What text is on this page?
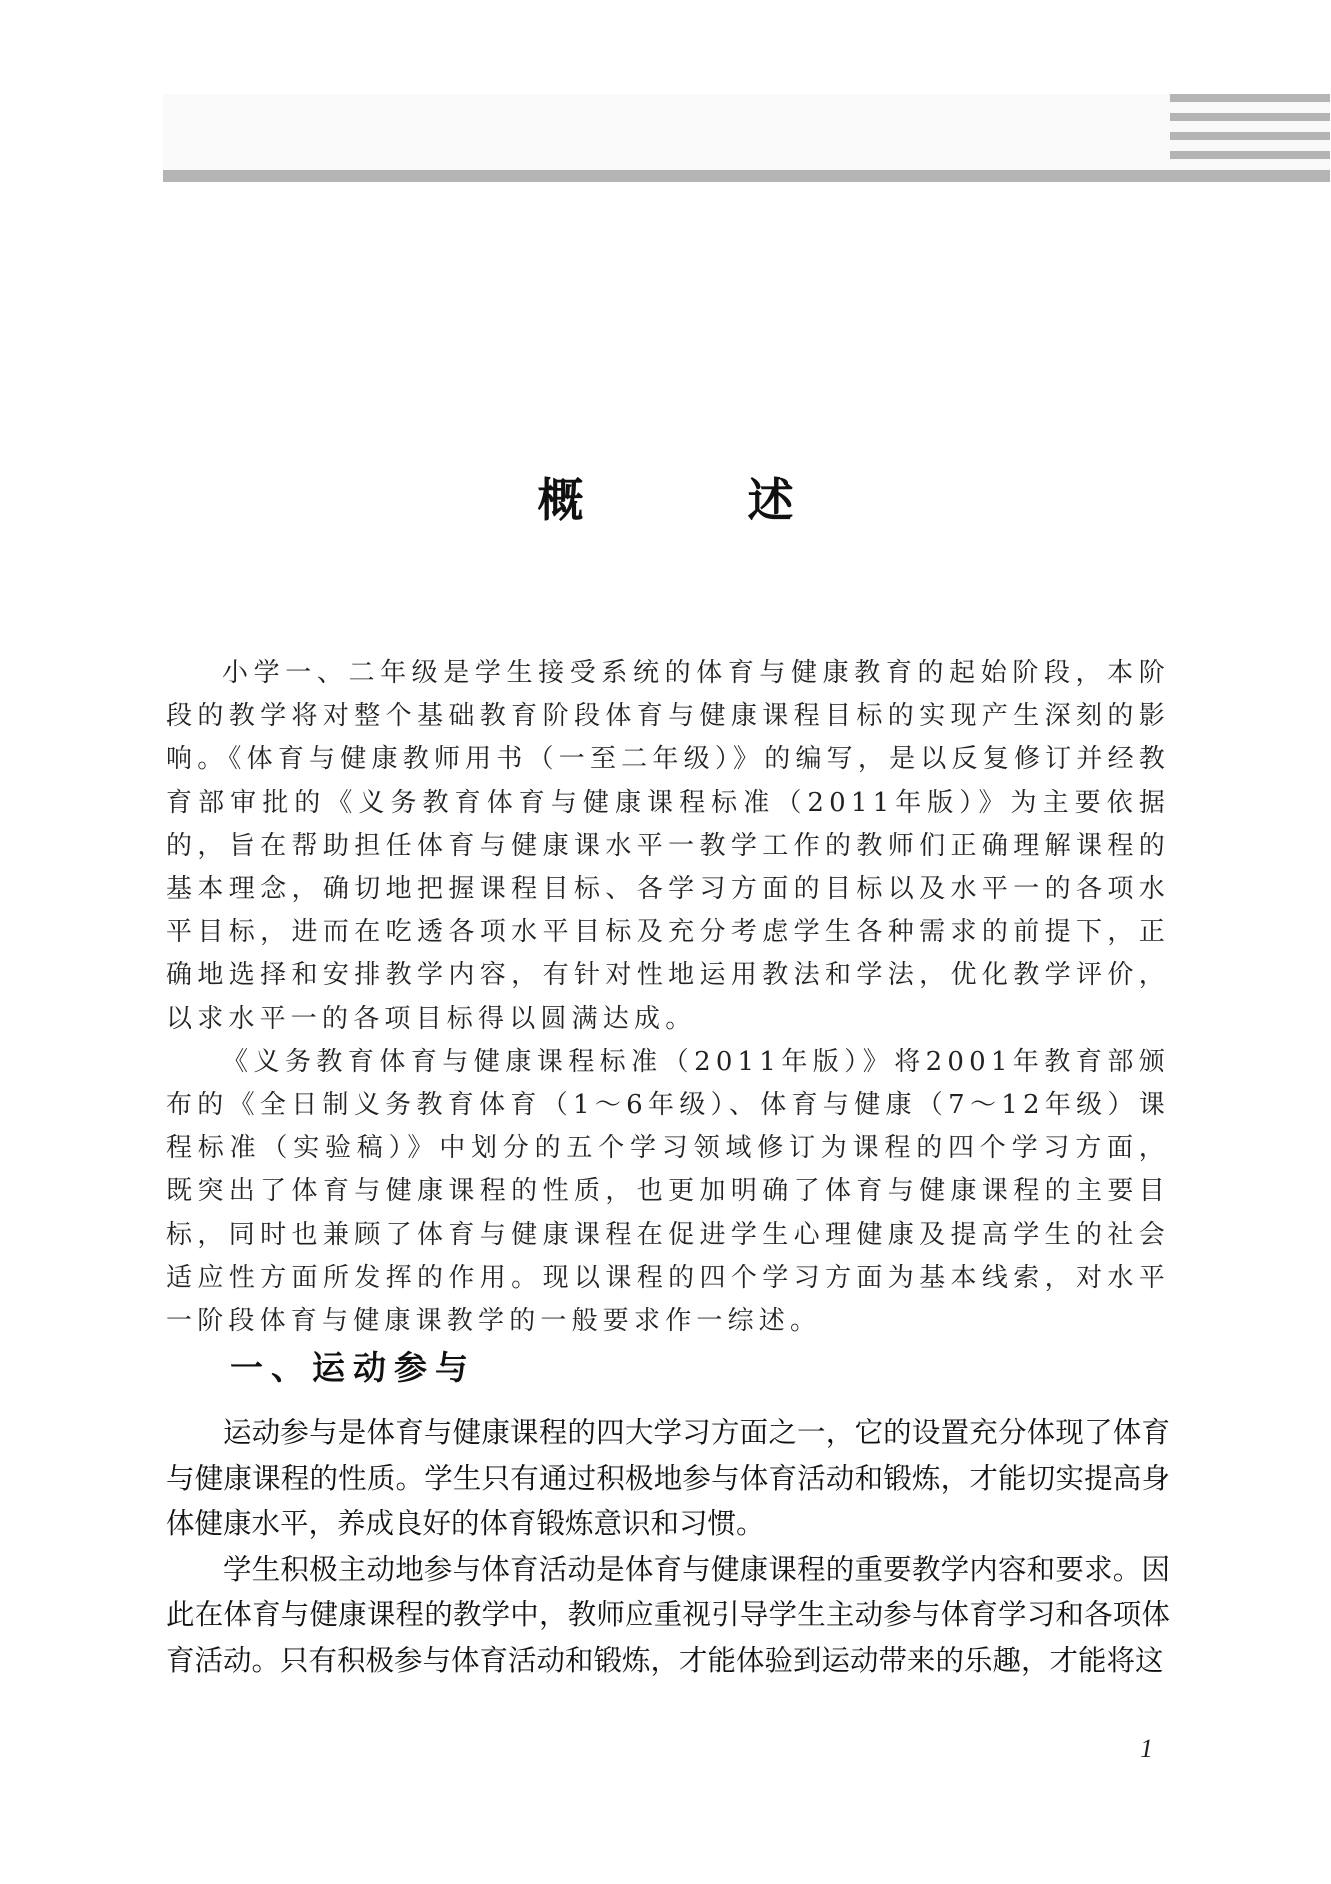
概	述

小学一、二年级是学生接受系统的体育与健康教育的起始阶段，本阶段的教学将对整个基础教育阶段体育与健康课程目标的实现产生深刻的影响。《体育与健康教师用书（一至二年级）》的编写，是以反复修订并经教育部审批的《义务教育体育与健康课程标准（2011年版）》为主要依据的，旨在帮助担任体育与健康课水平一教学工作的教师们正确理解课程的基本理念，确切地把握课程目标、各学习方面的目标以及水平一的各项水平目标，进而在吃透各项水平目标及充分考虑学生各种需求的前提下，正确地选择和安排教学内容，有针对性地运用教法和学法，优化教学评价，以求水平一的各项目标得以圆满达成。

《义务教育体育与健康课程标准（2011年版）》将2001年教育部颁布的《全日制义务教育体育（1～6年级）、体育与健康（7～12年级）课程标准（实验稿）》中划分的五个学习领域修订为课程的四个学习方面，既突出了体育与健康课程的性质，也更加明确了体育与健康课程的主要目标，同时也兼顾了体育与健康课程在促进学生心理健康及提高学生的社会适应性方面所发挥的作用。现以课程的四个学习方面为基本线索，对水平一阶段体育与健康课教学的一般要求作一综述。

一、运动参与

运动参与是体育与健康课程的四大学习方面之一，它的设置充分体现了体育与健康课程的性质。学生只有通过积极地参与体育活动和锻炼，才能切实提高身体健康水平，养成良好的体育锻炼意识和习惯。

学生积极主动地参与体育活动是体育与健康课程的重要教学内容和要求。因此在体育与健康课程的教学中，教师应重视引导学生主动参与体育学习和各项体育活动。只有积极参与体育活动和锻炼，才能体验到运动带来的乐趣，才能将这

1
